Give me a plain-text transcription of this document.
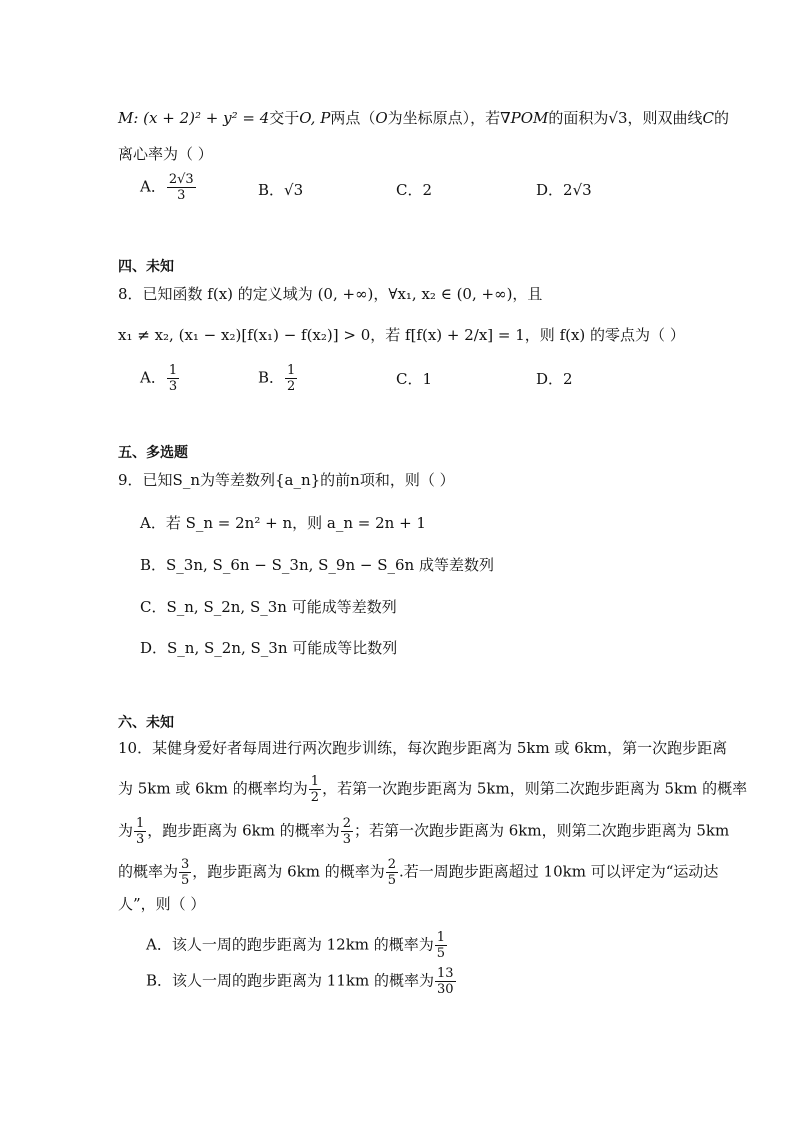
M: (x + 2)² + y² = 4交于O, P两点（O为坐标原点），若∇POM的面积为√3，则双曲线C的
离心率为（ ）
A． $\frac{2√3}{3}$	B．√3	C．2	D．2√3
四、未知
8．已知函数 f(x) 的定义域为 (0, +∞)，∀x₁, x₂ ∈ (0, +∞)，且
x₁ ≠ x₂, (x₁ − x₂)[f(x₁) − f(x₂)] > 0，若 f[f(x) + 2/x] = 1，则 f(x) 的零点为（ ）
A． $\frac{1}{3}$	B． $\frac{1}{2}$	C．1	D．2
五、多选题
9．已知S_n为等差数列{a_n}的前n项和，则（ ）
A．若 S_n = 2n² + n，则 a_n = 2n + 1
B．S_3n, S_6n − S_3n, S_9n − S_6n 成等差数列
C．S_n, S_2n, S_3n 可能成等差数列
D．S_n, S_2n, S_3n 可能成等比数列
六、未知
10．某健身爱好者每周进行两次跑步训练，每次跑步距离为 5km 或 6km，第一次跑步距离
为 5km 或 6km 的概率均为 $\frac{1}{2}$ ，若第一次跑步距离为 5km，则第二次跑步距离为 5km 的概率
为 $\frac{1}{3}$ ，跑步距离为 6km 的概率为 $\frac{2}{3}$ ；若第一次跑步距离为 6km，则第二次跑步距离为 5km
的概率为 $\frac{3}{5}$ ，跑步距离为 6km 的概率为 $\frac{2}{5}$ .若一周跑步距离超过 10km 可以评定为“运动达
人”，则（ ）
A．该人一周的跑步距离为 12km 的概率为 $\frac{1}{5}$
B．该人一周的跑步距离为 11km 的概率为 $\frac{13}{30}$
